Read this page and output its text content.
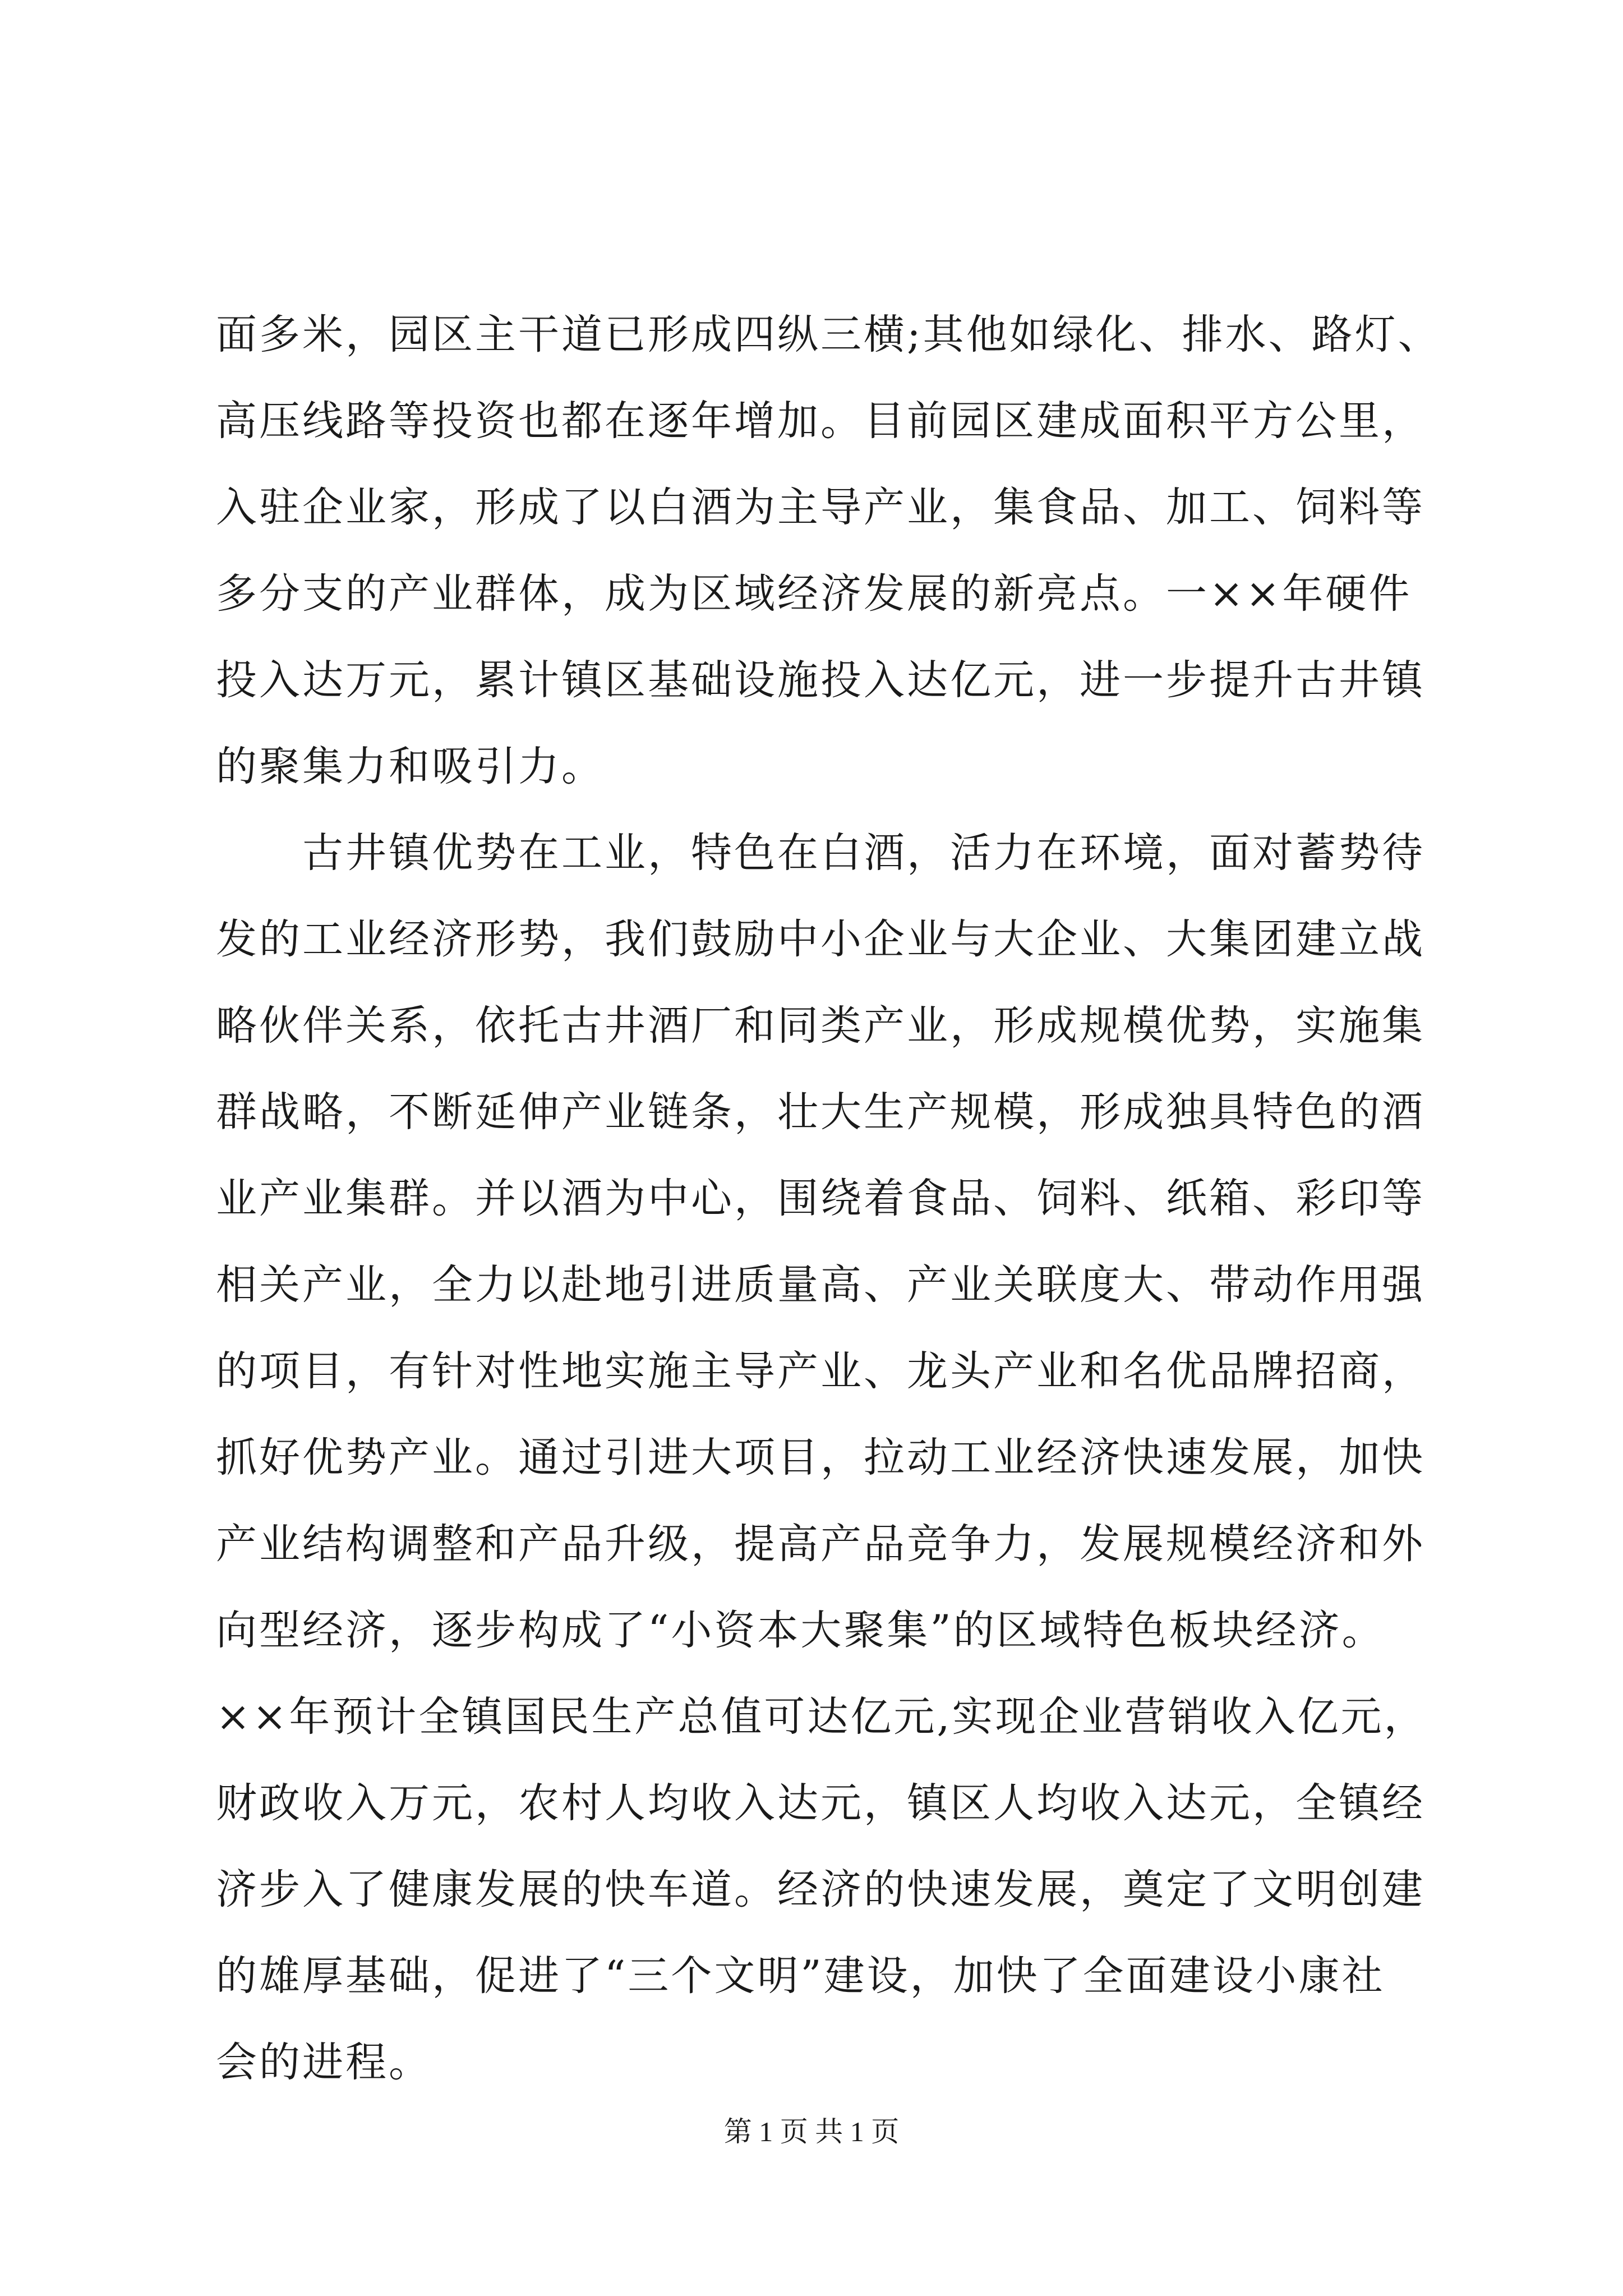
面多米，园区主干道已形成四纵三横;其他如绿化、排水、路灯、
高压线路等投资也都在逐年增加。目前园区建成面积平方公里，
入驻企业家，形成了以白酒为主导产业，集食品、加工、饲料等
多分支的产业群体，成为区域经济发展的新亮点。一××年硬件
投入达万元，累计镇区基础设施投入达亿元，进一步提升古井镇
的聚集力和吸引力。
　　古井镇优势在工业，特色在白酒，活力在环境，面对蓄势待
发的工业经济形势，我们鼓励中小企业与大企业、大集团建立战
略伙伴关系，依托古井酒厂和同类产业，形成规模优势，实施集
群战略，不断延伸产业链条，壮大生产规模，形成独具特色的酒
业产业集群。并以酒为中心，围绕着食品、饲料、纸箱、彩印等
相关产业，全力以赴地引进质量高、产业关联度大、带动作用强
的项目，有针对性地实施主导产业、龙头产业和名优品牌招商，
抓好优势产业。通过引进大项目，拉动工业经济快速发展，加快
产业结构调整和产品升级，提高产品竞争力，发展规模经济和外
向型经济，逐步构成了“小资本大聚集”的区域特色板块经济。
××年预计全镇国民生产总值可达亿元,实现企业营销收入亿元，
财政收入万元，农村人均收入达元，镇区人均收入达元，全镇经
济步入了健康发展的快车道。经济的快速发展，奠定了文明创建
的雄厚基础，促进了“三个文明”建设，加快了全面建设小康社
会的进程。
第 1 页 共 1 页
